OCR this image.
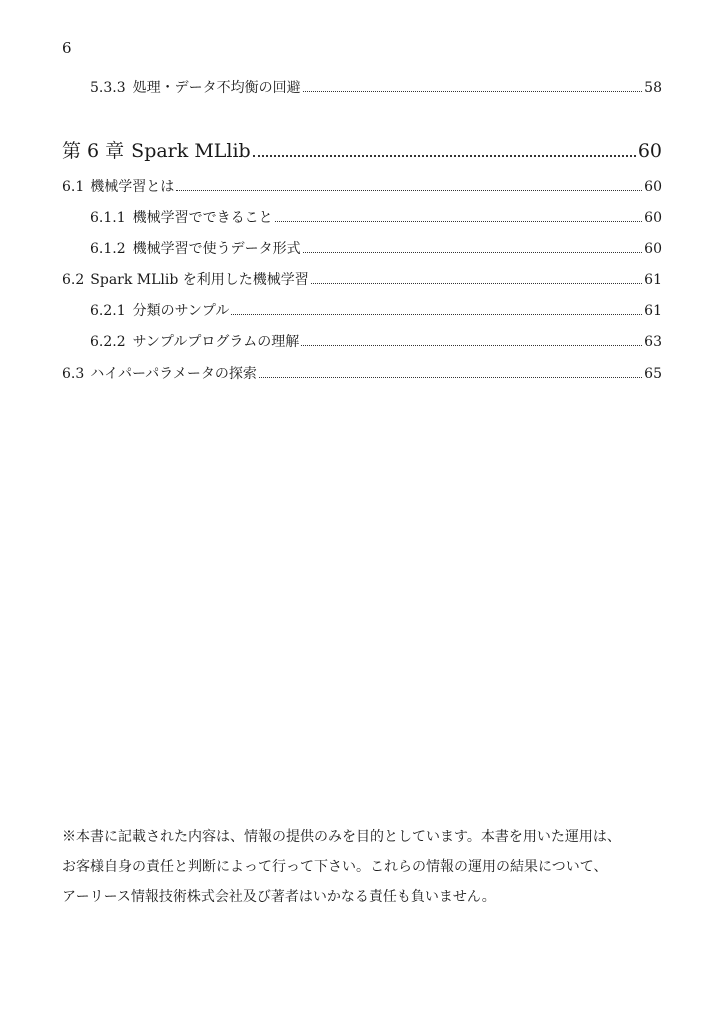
6
5.3.3 処理・データ不均衡の回避	58
第 6 章 Spark MLlib	60
6.1 機械学習とは	60
6.1.1 機械学習でできること	60
6.1.2 機械学習で使うデータ形式	60
6.2 Spark MLlib を利用した機械学習	61
6.2.1 分類のサンプル	61
6.2.2 サンプルプログラムの理解	63
6.3 ハイパーパラメータの探索	65

※本書に記載された内容は、情報の提供のみを目的としています。本書を用いた運用は、

お客様自身の責任と判断によって行って下さい。これらの情報の運用の結果について、

アーリース情報技術株式会社及び著者はいかなる責任も負いません。
